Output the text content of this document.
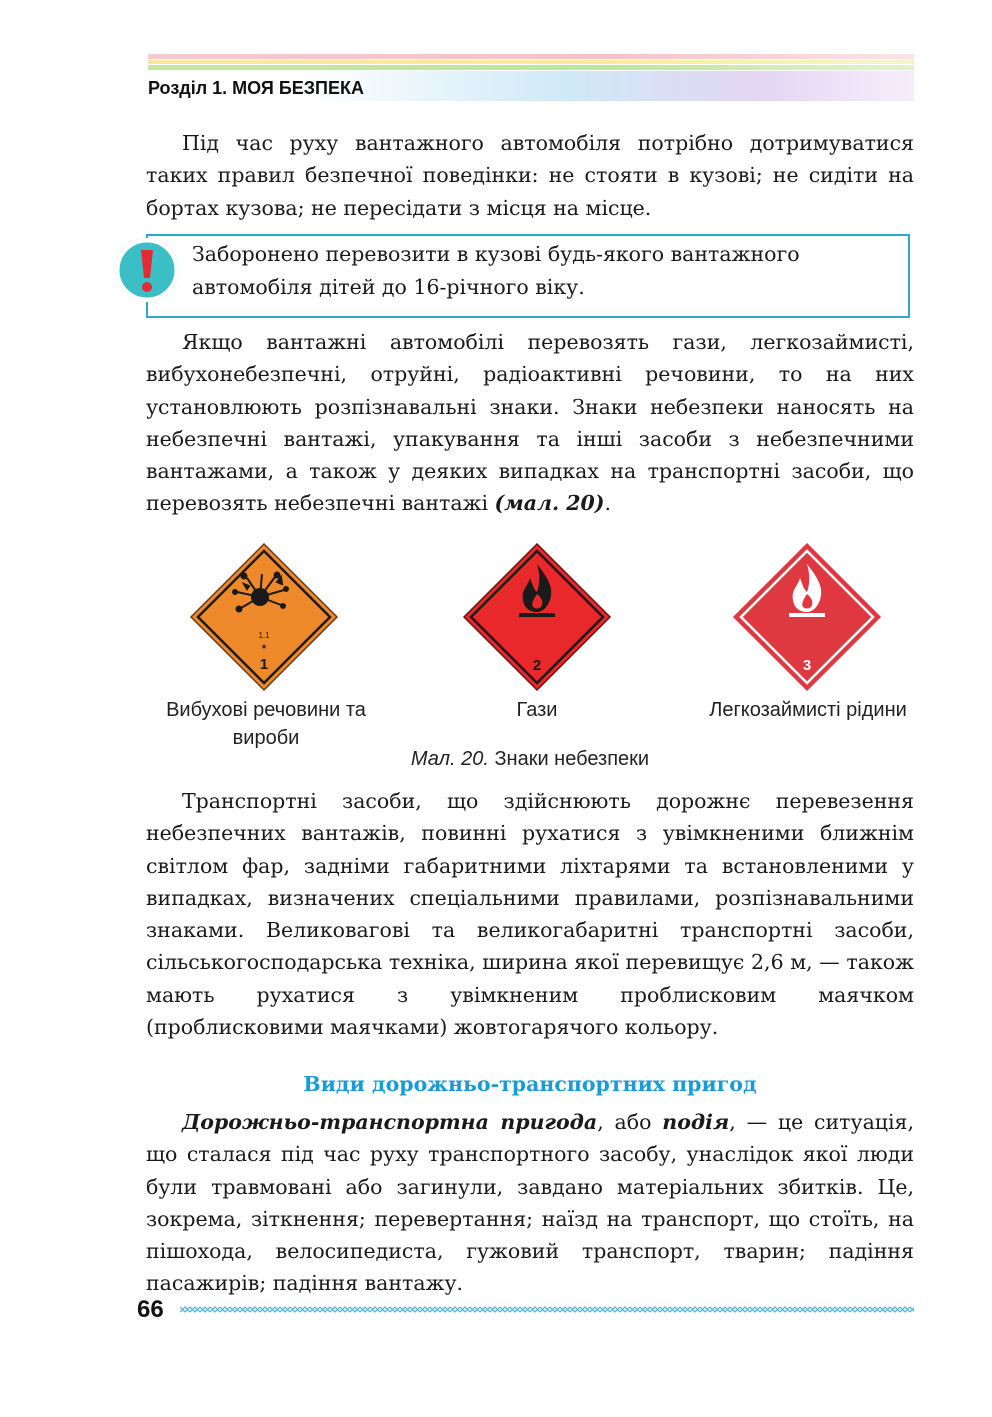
Розділ 1. МОЯ БЕЗПЕКА

Під час руху вантажного автомобіля потрібно дотримуватися таких правил безпечної поведінки: не стояти в кузові; не сидіти на бортах кузова; не пересідати з місця на місце.

Заборонено перевозити в кузові будь-якого вантажного автомобіля дітей до 16-річного віку.

Якщо вантажні автомобілі перевозять гази, легкозаймисті, вибухонебезпечні, отруйні, радіоактивні речовини, то на них установлюють розпізнавальні знаки. Знаки небезпеки наносять на небезпечні вантажі, упакування та інші засоби з небезпечними вантажами, а також у деяких випадках на транспортні засоби, що перевозять небезпечні вантажі (мал. 20).

1.1
*
1	2	3
Вибухові речовини та вироби
Гази	Легкозаймисті рідини
Мал. 20. Знаки небезпеки

Транспортні засоби, що здійснюють дорожнє перевезення небезпечних вантажів, повинні рухатися з увімкненими ближнім світлом фар, задніми габаритними ліхтарями та встановленими у випадках, визначених спеціальними правилами, розпізнавальними знаками. Великовагові та великогабаритні транспортні засоби, сільськогосподарська техніка, ширина якої перевищує 2,6 м, — також мають рухатися з увімкненим проблисковим маячком (проблисковими маячками) жовтогарячого кольору.

Види дорожньо-транспортних пригод

Дорожньо-транспортна пригода, або подія, — це ситуація, що сталася під час руху транспортного засобу, унаслідок якої люди були травмовані або загинули, завдано матеріальних збитків. Це, зокрема, зіткнення; перевертання; наїзд на транспорт, що стоїть, на пішохода, велосипедиста, гужовий транспорт, тварин; падіння пасажирів; падіння вантажу.

66
